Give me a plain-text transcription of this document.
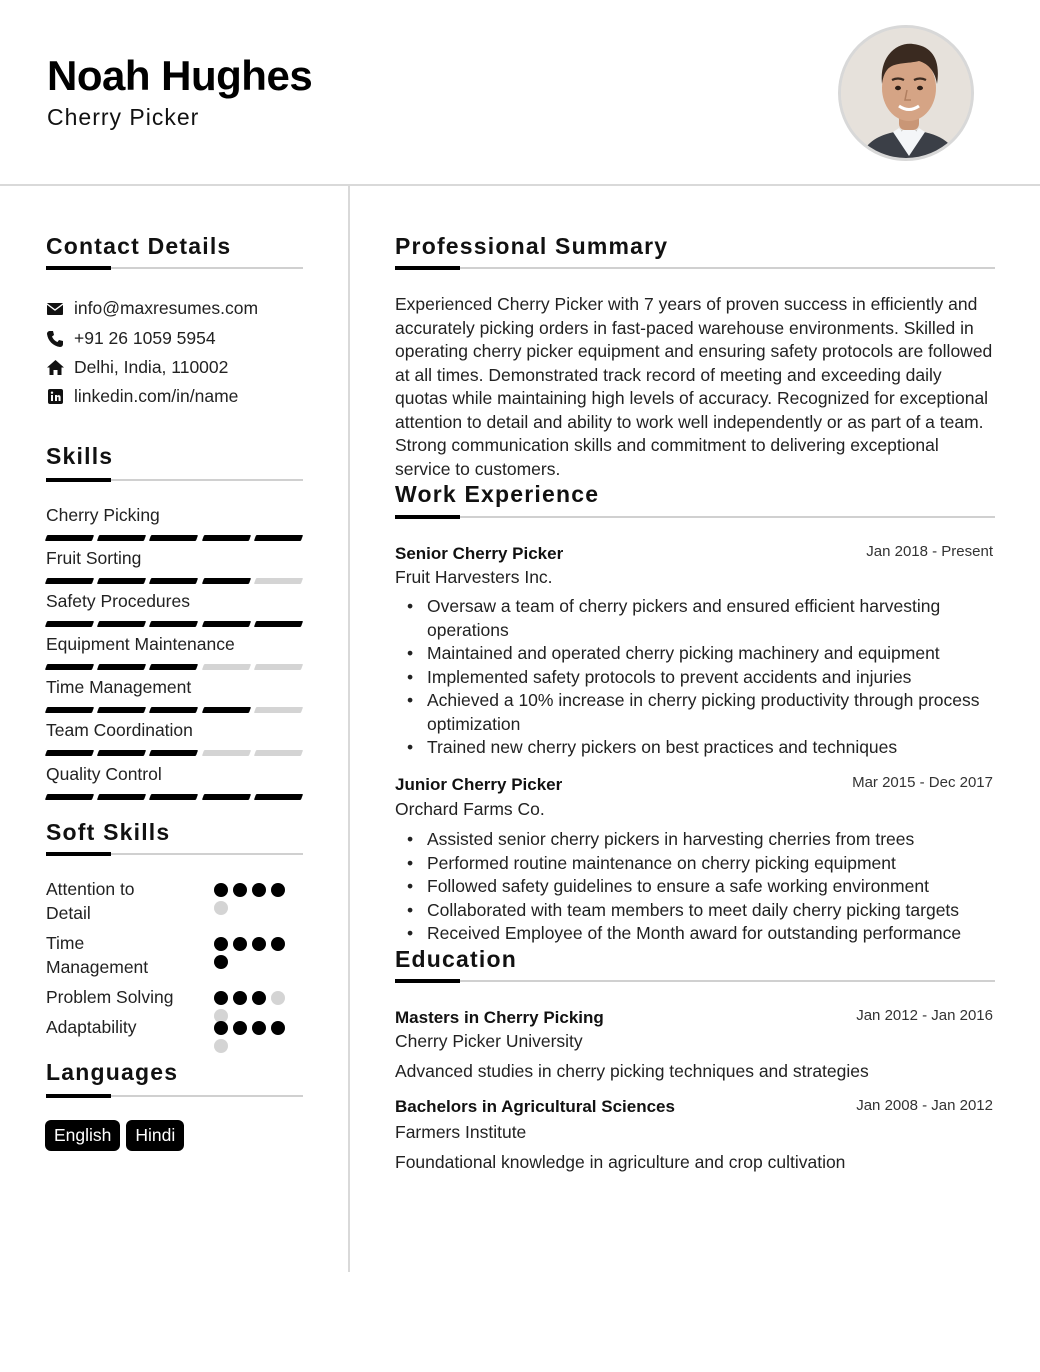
Noah Hughes
Cherry Picker
Contact Details
info@maxresumes.com
+91 26 1059 5954
Delhi, India, 110002
linkedin.com/in/name
Skills
Cherry Picking
Fruit Sorting
Safety Procedures
Equipment Maintenance
Time Management
Team Coordination
Quality Control
Soft Skills
Attention to Detail
Time Management
Problem Solving
Adaptability
Languages
English	Hindi
Professional Summary

Experienced Cherry Picker with 7 years of proven success in efficiently and accurately picking orders in fast-paced warehouse environments. Skilled in operating cherry picker equipment and ensuring safety protocols are followed at all times. Demonstrated track record of meeting and exceeding daily quotas while maintaining high levels of accuracy. Recognized for exceptional attention to detail and ability to work well independently or as part of a team. Strong communication skills and commitment to delivering exceptional service to customers.

Work Experience
Senior Cherry Picker	Jan 2018 - Present
Fruit Harvesters Inc.
• Oversaw a team of cherry pickers and ensured efficient harvesting operations
• Maintained and operated cherry picking machinery and equipment
• Implemented safety protocols to prevent accidents and injuries
• Achieved a 10% increase in cherry picking productivity through process optimization
• Trained new cherry pickers on best practices and techniques
Junior Cherry Picker	Mar 2015 - Dec 2017
Orchard Farms Co.
• Assisted senior cherry pickers in harvesting cherries from trees
• Performed routine maintenance on cherry picking equipment
• Followed safety guidelines to ensure a safe working environment
• Collaborated with team members to meet daily cherry picking targets
• Received Employee of the Month award for outstanding performance
Education
Masters in Cherry Picking	Jan 2012 - Jan 2016
Cherry Picker University
Advanced studies in cherry picking techniques and strategies
Bachelors in Agricultural Sciences	Jan 2008 - Jan 2012
Farmers Institute
Foundational knowledge in agriculture and crop cultivation
